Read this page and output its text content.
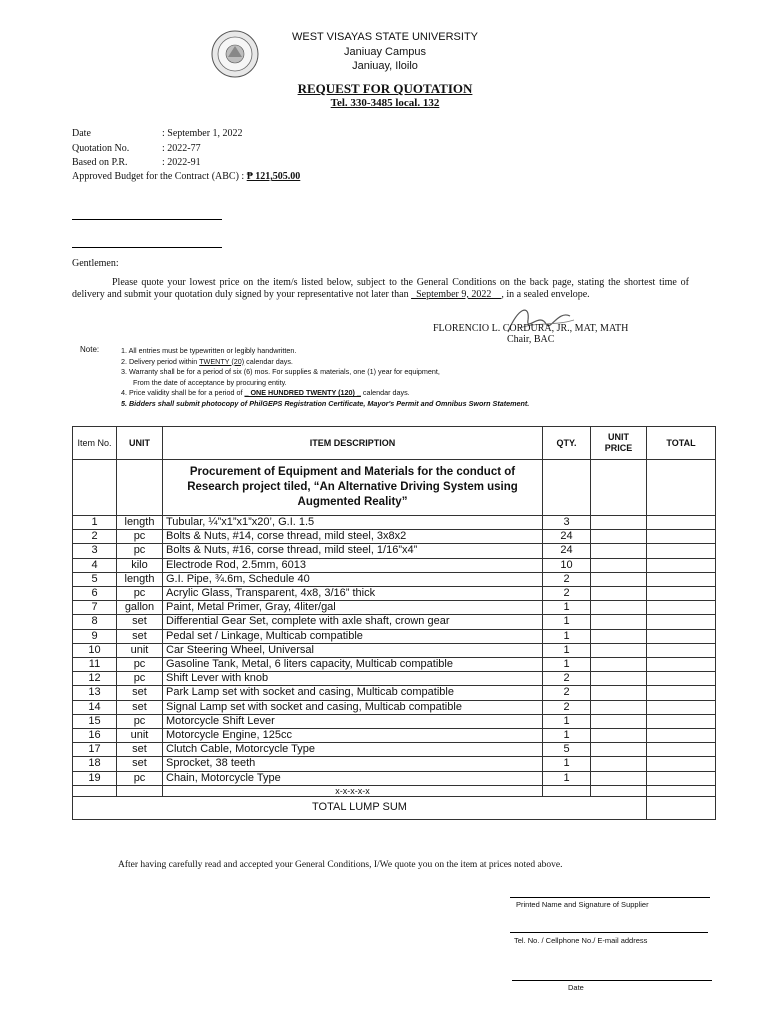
WEST VISAYAS STATE UNIVERSITY
Janiuay Campus
Janiuay, Iloilo
REQUEST FOR QUOTATION
Tel. 330-3485 local. 132
Date	: September 1, 2022
Quotation No.	: 2022-77
Based on P.R.	: 2022-91
Approved Budget for the Contract (ABC) : ₱ 121,505.00
Gentlemen:
Please quote your lowest price on the item/s listed below, subject to the General Conditions on the back page, stating the shortest time of delivery and submit your quotation duly signed by your representative not later than _September 9, 2022__, in a sealed envelope.
FLORENCIO L. CORDURA, JR., MAT, MATH
Chair, BAC
Note:	1. All entries must be typewritten or legibly handwritten.
2. Delivery period within TWENTY (20) calendar days.
3. Warranty shall be for a period of six (6) mos. For supplies & materials, one (1) year for equipment,
From the date of acceptance by procuring entity.
4. Price validity shall be for a period of _ ONE HUNDRED TWENTY (120) _ calendar days.
5. Bidders shall submit photocopy of PhilGEPS Registration Certificate, Mayor's Permit and Omnibus Sworn Statement.
Item No.	UNIT	ITEM DESCRIPTION	QTY.	UNIT PRICE	TOTAL
		Procurement of Equipment and Materials for the conduct of Research project tiled, “An Alternative Driving System using Augmented Reality”			
1	length	Tubular, ¼”x1”x1”x20’, G.I. 1.5	3		
2	pc	Bolts & Nuts, #14, corse thread, mild steel, 3x8x2	24		
3	pc	Bolts & Nuts, #16, corse thread, mild steel, 1/16”x4”	24		
4	kilo	Electrode Rod, 2.5mm, 6013	10		
5	length	G.I. Pipe, ¾.6m, Schedule 40	2		
6	pc	Acrylic Glass, Transparent, 4x8, 3/16” thick	2		
7	gallon	Paint, Metal Primer, Gray, 4liter/gal	1		
8	set	Differential Gear Set, complete with axle shaft, crown gear	1		
9	set	Pedal set / Linkage, Multicab compatible	1		
10	unit	Car Steering Wheel, Universal	1		
11	pc	Gasoline Tank, Metal, 6 liters capacity, Multicab compatible	1		
12	pc	Shift Lever with knob	2		
13	set	Park Lamp set with socket and casing, Multicab compatible	2		
14	set	Signal Lamp set with socket and casing, Multicab compatible	2		
15	pc	Motorcycle Shift Lever	1		
16	unit	Motorcycle Engine, 125cc	1		
17	set	Clutch Cable, Motorcycle Type	5		
18	set	Sprocket, 38 teeth	1		
19	pc	Chain, Motorcycle Type	1		
		x-x-x-x-x			
TOTAL LUMP SUM					
After having carefully read and accepted your General Conditions, I/We quote you on the item at prices noted above.
Printed Name and Signature of Supplier
Tel. No. / Cellphone No./ E-mail address
Date
